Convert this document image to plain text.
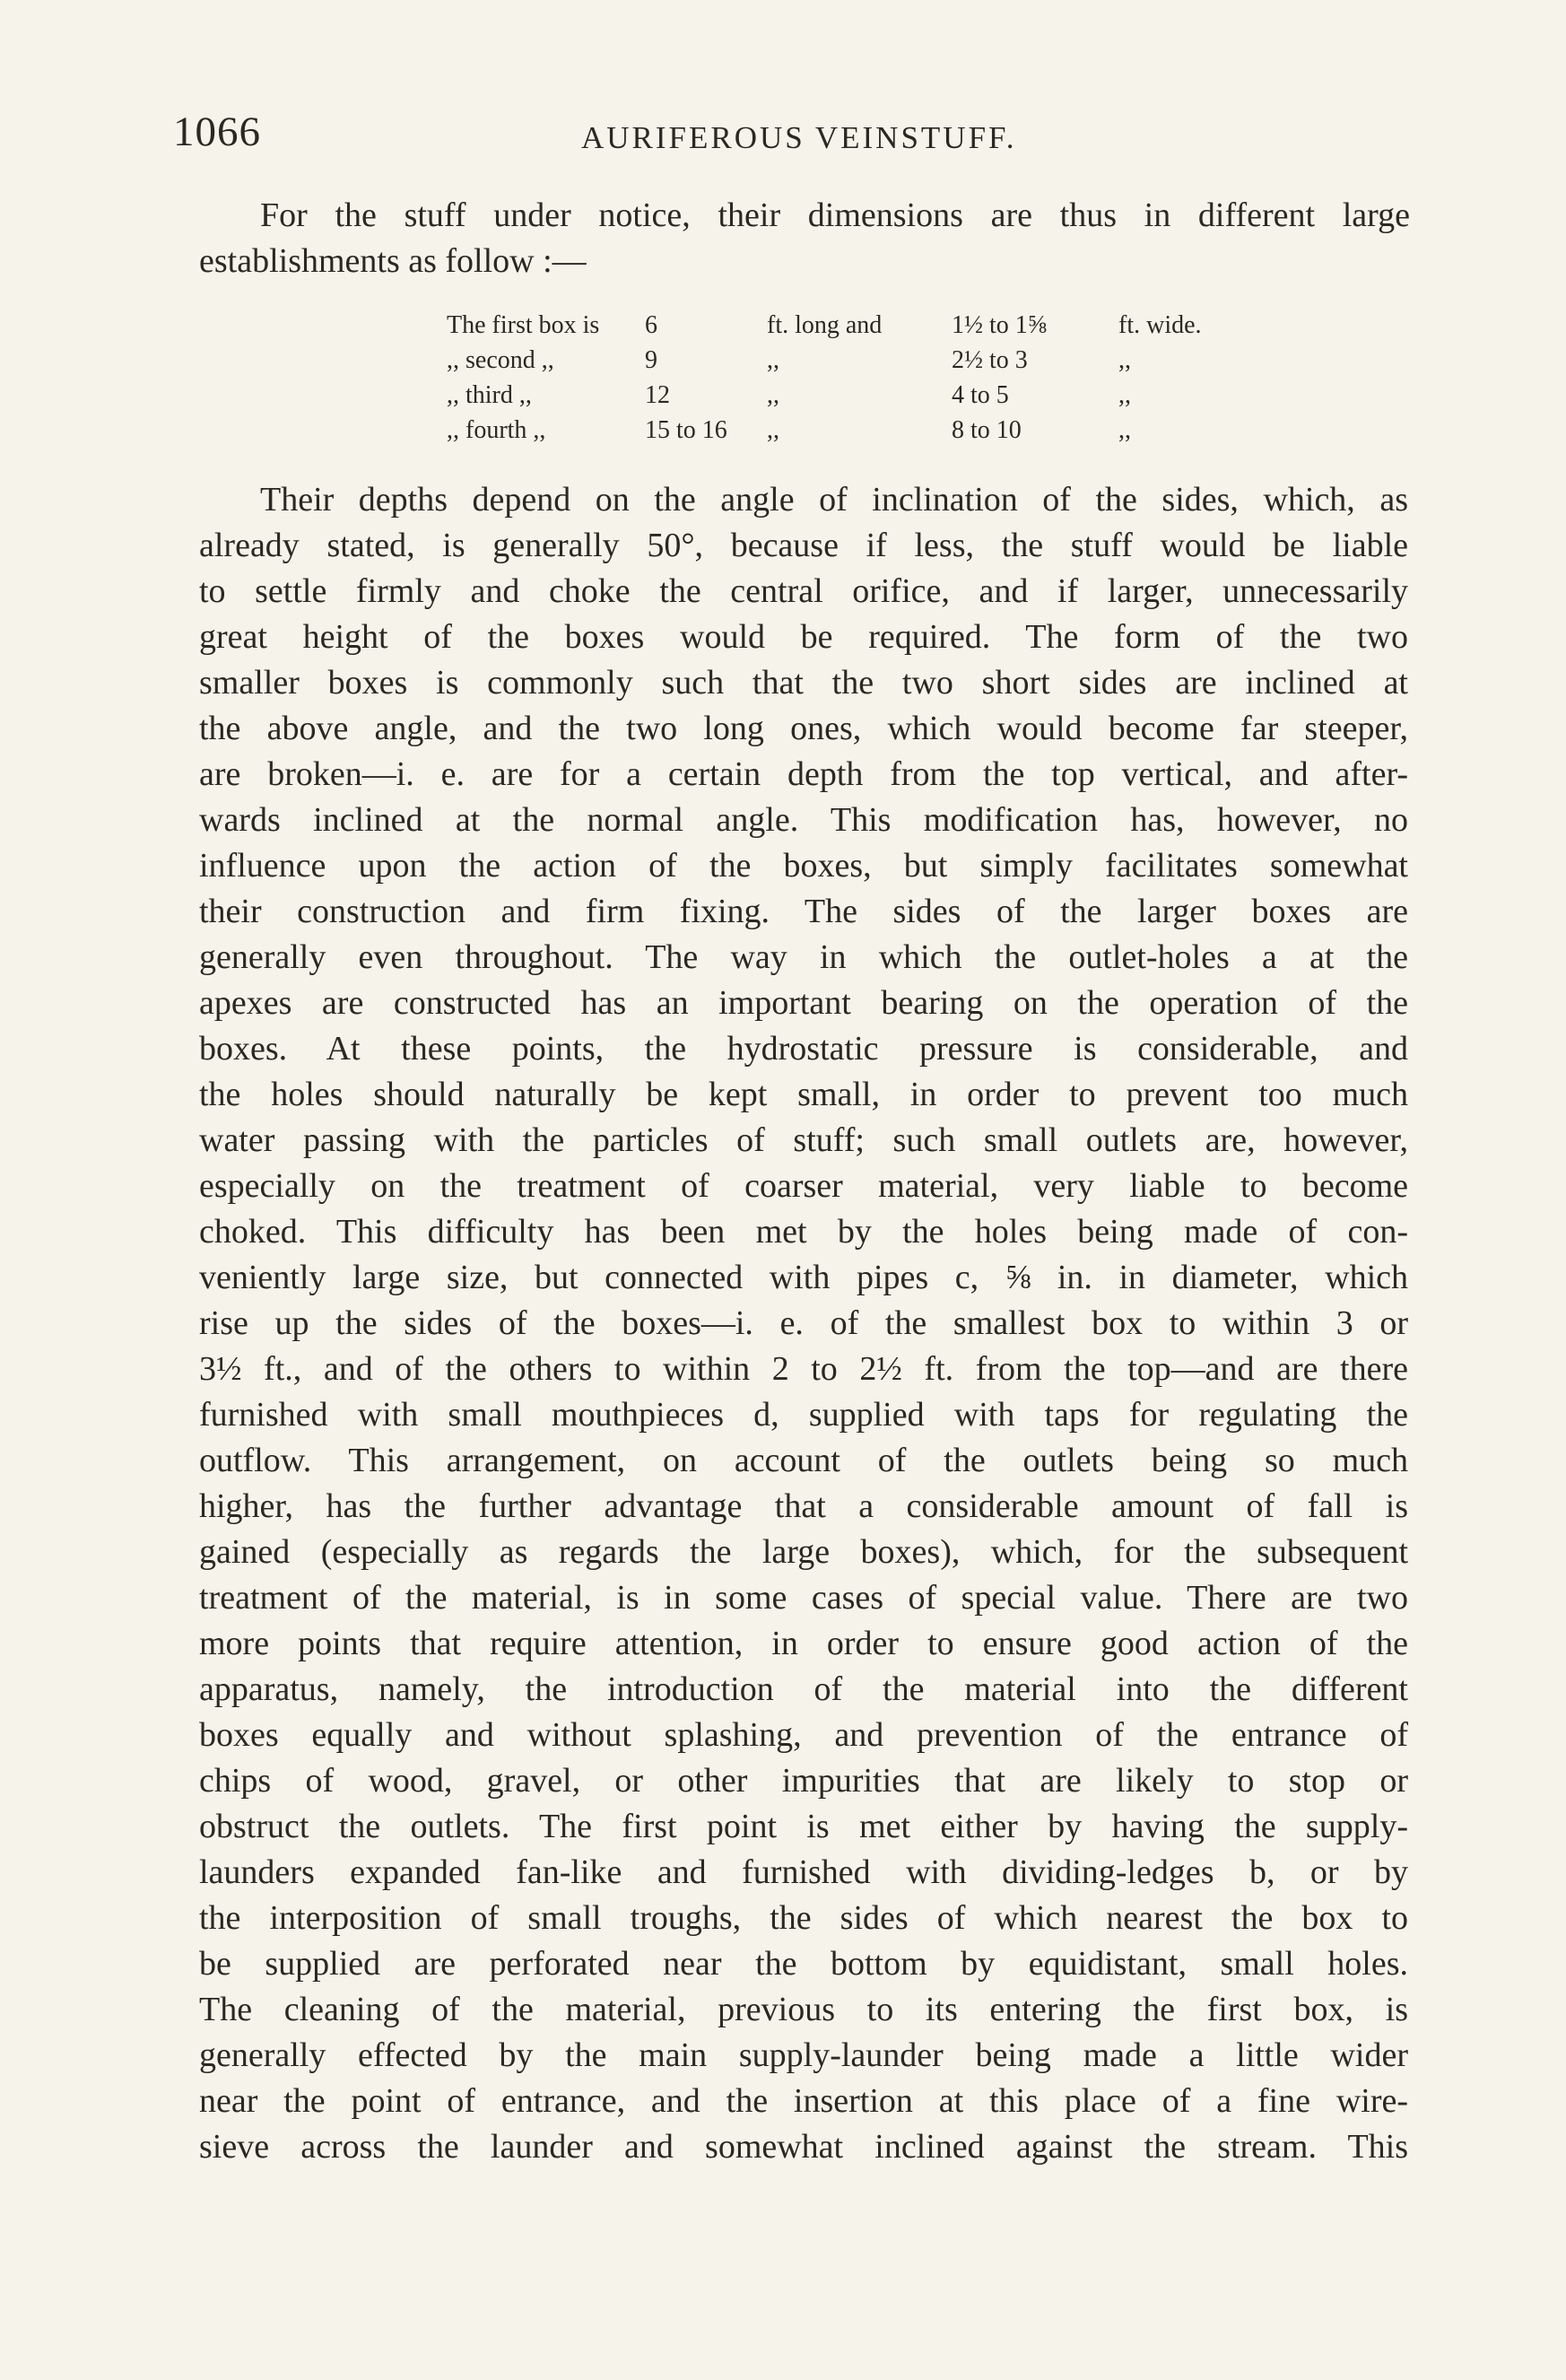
1066	AURIFEROUS VEINSTUFF.
For the stuff under notice, their dimensions are thus in different large
establishments as follow :—
The first box is	6	ft. long and	1½ to 1⅝	ft. wide.
,, second ,,	9	,,	2½ to 3	,,
,, third ,,	12	,,	4 to 5	,,
,, fourth ,,	15 to 16	,,	8 to 10	,,
Their depths depend on the angle of inclination of the sides, which, as
already stated, is generally 50°, because if less, the stuff would be liable
to settle firmly and choke the central orifice, and if larger, unnecessarily
great height of the boxes would be required. The form of the two
smaller boxes is commonly such that the two short sides are inclined at
the above angle, and the two long ones, which would become far steeper,
are broken—i. e. are for a certain depth from the top vertical, and after-
wards inclined at the normal angle. This modification has, however, no
influence upon the action of the boxes, but simply facilitates somewhat
their construction and firm fixing. The sides of the larger boxes are
generally even throughout. The way in which the outlet-holes a at the
apexes are constructed has an important bearing on the operation of the
boxes. At these points, the hydrostatic pressure is considerable, and
the holes should naturally be kept small, in order to prevent too much
water passing with the particles of stuff; such small outlets are, however,
especially on the treatment of coarser material, very liable to become
choked. This difficulty has been met by the holes being made of con-
veniently large size, but connected with pipes c, ⅝ in. in diameter, which
rise up the sides of the boxes—i. e. of the smallest box to within 3 or
3½ ft., and of the others to within 2 to 2½ ft. from the top—and are there
furnished with small mouthpieces d, supplied with taps for regulating the
outflow. This arrangement, on account of the outlets being so much
higher, has the further advantage that a considerable amount of fall is
gained (especially as regards the large boxes), which, for the subsequent
treatment of the material, is in some cases of special value. There are two
more points that require attention, in order to ensure good action of the
apparatus, namely, the introduction of the material into the different
boxes equally and without splashing, and prevention of the entrance of
chips of wood, gravel, or other impurities that are likely to stop or
obstruct the outlets. The first point is met either by having the supply-
launders expanded fan-like and furnished with dividing-ledges b, or by
the interposition of small troughs, the sides of which nearest the box to
be supplied are perforated near the bottom by equidistant, small holes.
The cleaning of the material, previous to its entering the first box, is
generally effected by the main supply-launder being made a little wider
near the point of entrance, and the insertion at this place of a fine wire-
sieve across the launder and somewhat inclined against the stream. This
